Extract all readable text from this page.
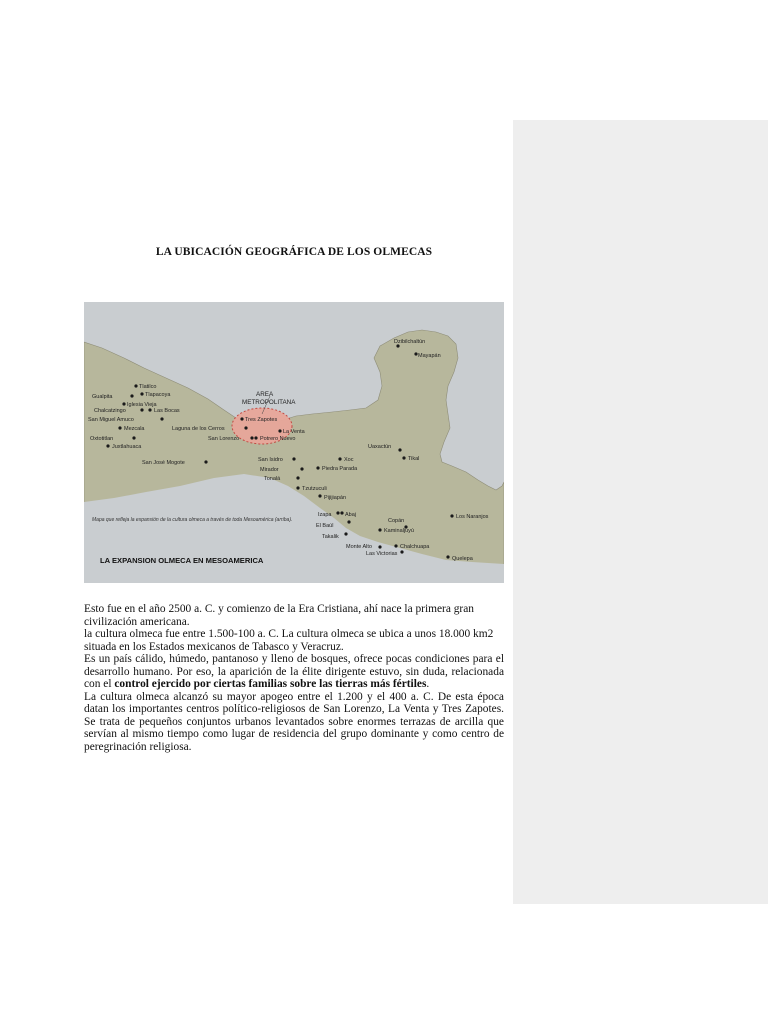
LA UBICACIÓN GEOGRÁFICA DE LOS OLMECAS
AREA
METROPOLITANA
Dzibilchaltún
Mayapán
Tlatilco
Gualpita	Tlapacoya
Iglesia Vieja
Chalcatzingo	Las Bocas
San Miguel Amuco
Mezcala
Oxtotitlan
Juxtlahuaca
San José Mogote
Tres Zapotes
Laguna de los Cerros	La Venta
San Lorenzo	Potrero Nuevo
Uaxactún
Tikal
San Isidro	Xoc
Mirador	Piedra Parada
Tonalá
Tzutzuculi
Pijijiapán
Izapa Abaj
El Baúl
Takalik
Monte Alto
Copán
Kaminaljuyú
Chalchuapa
Las Victorias
Quelepa
Los Naranjos
Mapa que refleja la expansión de la cultura olmeca a través de toda Mesoamérica (arriba).
LA EXPANSION OLMECA EN MESOAMERICA

Esto fue en el año 2500 a. C. y comienzo de la Era Cristiana, ahí nace la primera gran civilización americana.

la cultura olmeca fue entre 1.500-100 a. C. La cultura olmeca se ubica a unos 18.000 km2 situada en los Estados mexicanos de Tabasco y Veracruz.

Es un país cálido, húmedo, pantanoso y lleno de bosques, ofrece pocas condiciones para el desarrollo humano. Por eso, la aparición de la élite dirigente estuvo, sin duda, relacionada con el control ejercido por ciertas familias sobre las tierras más fértiles.

La cultura olmeca alcanzó su mayor apogeo entre el 1.200 y el 400 a. C. De esta época datan los importantes centros político-religiosos de San Lorenzo, La Venta y Tres Zapotes. Se trata de pequeños conjuntos urbanos levantados sobre enormes terrazas de arcilla que servían al mismo tiempo como lugar de residencia del grupo dominante y como centro de peregrinación religiosa.
